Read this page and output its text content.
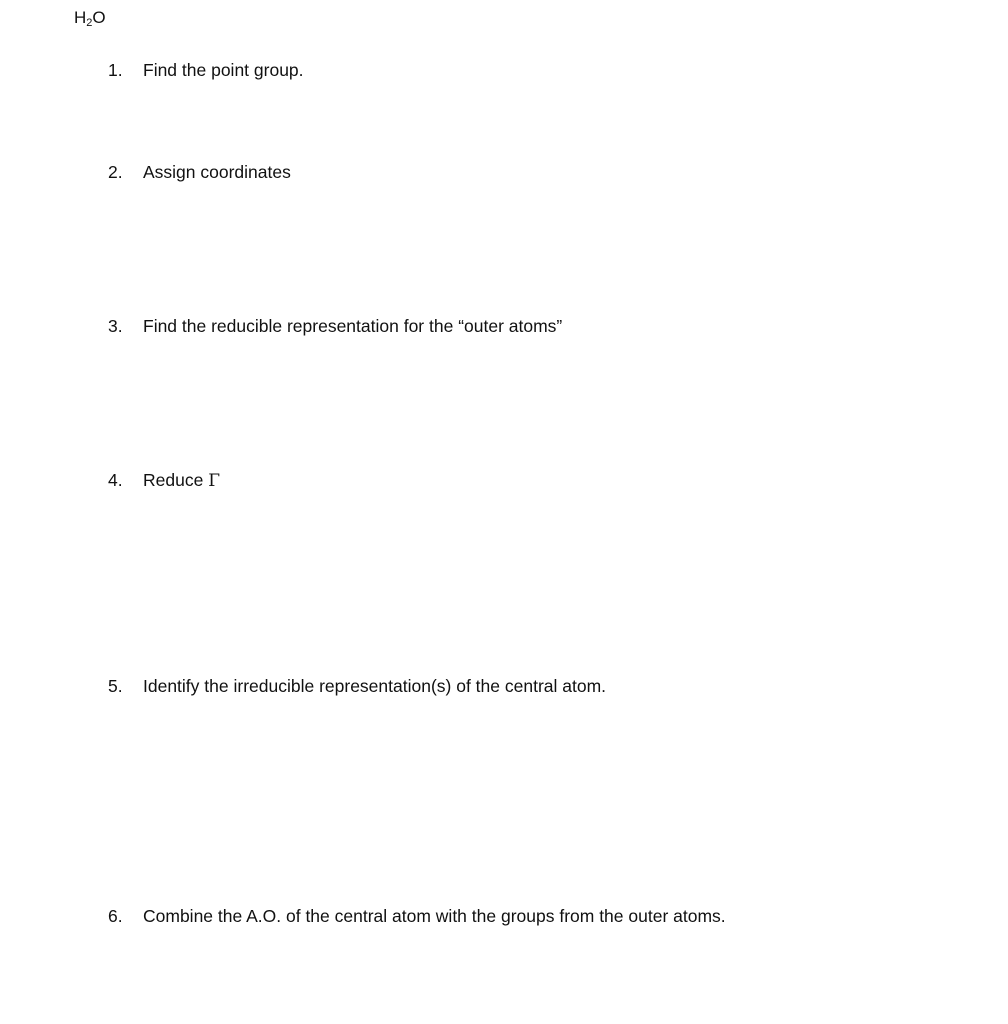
$H_2O$
1. Find the point group.
2. Assign coordinates
3. Find the reducible representation for the “outer atoms”
4. Reduce Γ
5. Identify the irreducible representation(s) of the central atom.
6. Combine the A.O. of the central atom with the groups from the outer atoms.
